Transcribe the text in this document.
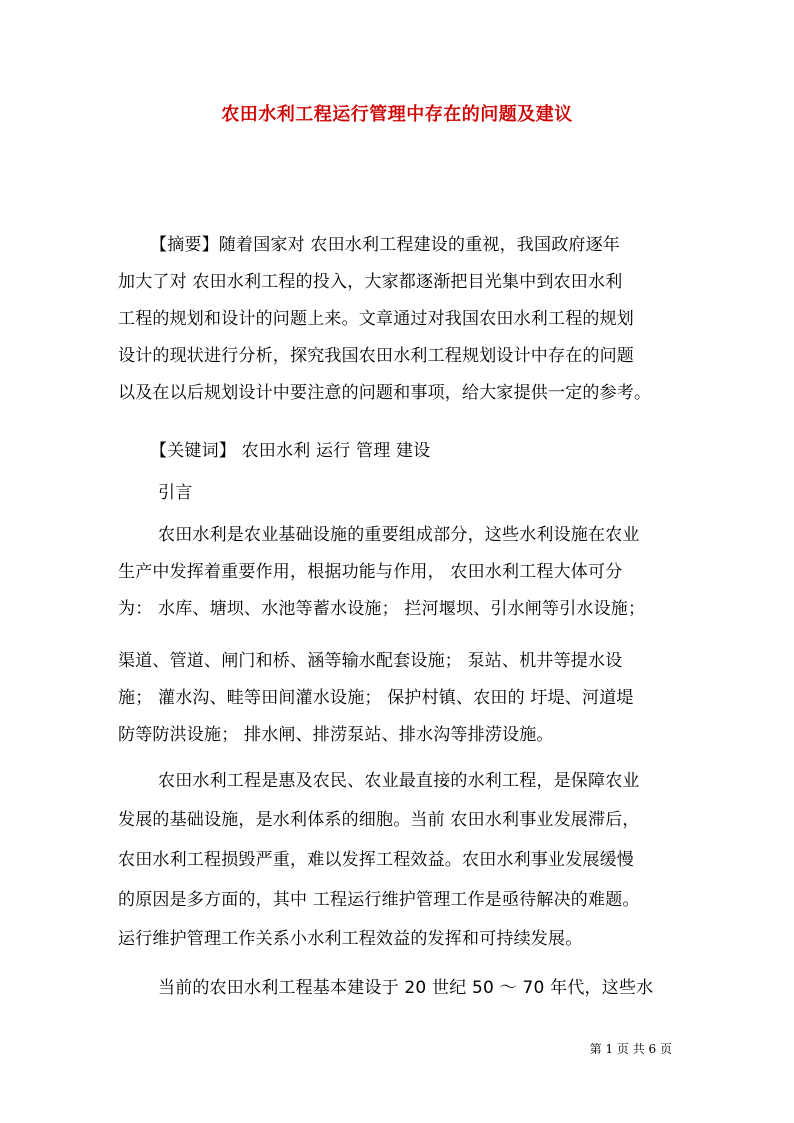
农田水利工程运行管理中存在的问题及建议
【摘要】随着国家对 农田水利工程建设的重视，我国政府逐年
加大了对 农田水利工程的投入，大家都逐渐把目光集中到农田水利
工程的规划和设计的问题上来。文章通过对我国农田水利工程的规划
设计的现状进行分析，探究我国农田水利工程规划设计中存在的问题
以及在以后规划设计中要注意的问题和事项，给大家提供一定的参考。
【关键词】 农田水利 运行 管理 建设
引言
农田水利是农业基础设施的重要组成部分，这些水利设施在农业
生产中发挥着重要作用，根据功能与作用， 农田水利工程大体可分
为： 水库、塘坝、水池等蓄水设施； 拦河堰坝、引水闸等引水设施；
渠道、管道、闸门和桥、涵等输水配套设施； 泵站、机井等提水设
施； 灌水沟、畦等田间灌水设施； 保护村镇、农田的 圩堤、河道堤
防等防洪设施； 排水闸、排涝泵站、排水沟等排涝设施。
农田水利工程是惠及农民、农业最直接的水利工程，是保障农业
发展的基础设施，是水利体系的细胞。当前 农田水利事业发展滞后，
农田水利工程损毁严重，难以发挥工程效益。农田水利事业发展缓慢
的原因是多方面的，其中 工程运行维护管理工作是亟待解决的难题。
运行维护管理工作关系小水利工程效益的发挥和可持续发展。
当前的农田水利工程基本建设于 20 世纪 50 ～ 70 年代，这些水
第 1 页 共 6 页
